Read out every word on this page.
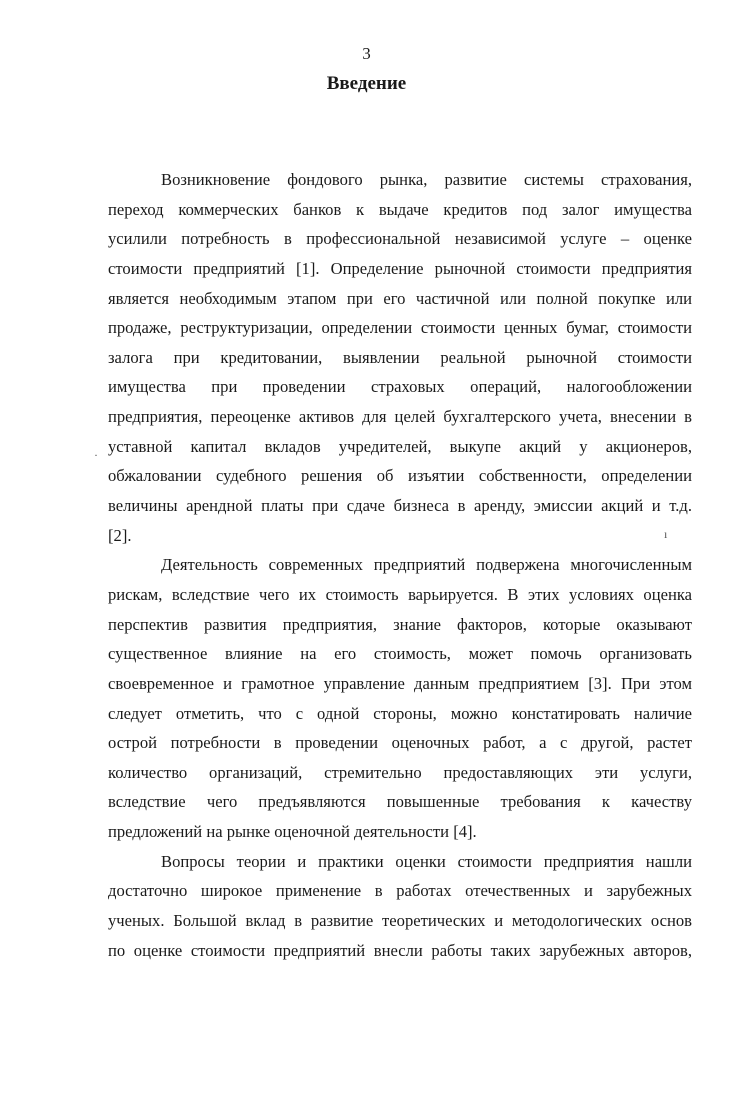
3
Введение
Возникновение фондового рынка, развитие системы страхования,
переход коммерческих банков к выдаче кредитов под залог имущества
усилили потребность в профессиональной независимой услуге – оценке
стоимости предприятий [1]. Определение рыночной стоимости предприятия
является необходимым этапом при его частичной или полной покупке или
продаже, реструктуризации, определении стоимости ценных бумаг, стоимости
залога при кредитовании, выявлении реальной рыночной стоимости
имущества при проведении страховых операций, налогообложении
предприятия, переоценке активов для целей бухгалтерского учета, внесении в
уставной капитал вкладов учредителей, выкупе акций у акционеров,
обжаловании судебного решения об изъятии собственности, определении
величины арендной платы при сдаче бизнеса в аренду, эмиссии акций и т.д.
[2].
Деятельность современных предприятий подвержена многочисленным
рискам, вследствие чего их стоимость варьируется. В этих условиях оценка
перспектив развития предприятия, знание факторов, которые оказывают
существенное влияние на его стоимость, может помочь организовать
своевременное и грамотное управление данным предприятием [3]. При этом
следует отметить, что с одной стороны, можно констатировать наличие
острой потребности в проведении оценочных работ, а с другой, растет
количество организаций, стремительно предоставляющих эти услуги,
вследствие чего предъявляются повышенные требования к качеству
предложений на рынке оценочной деятельности [4].
Вопросы теории и практики оценки стоимости предприятия нашли
достаточно широкое применение в работах отечественных и зарубежных
ученых. Большой вклад в развитие теоретических и методологических основ
по оценке стоимости предприятий внесли работы таких зарубежных авторов,
·
ı
